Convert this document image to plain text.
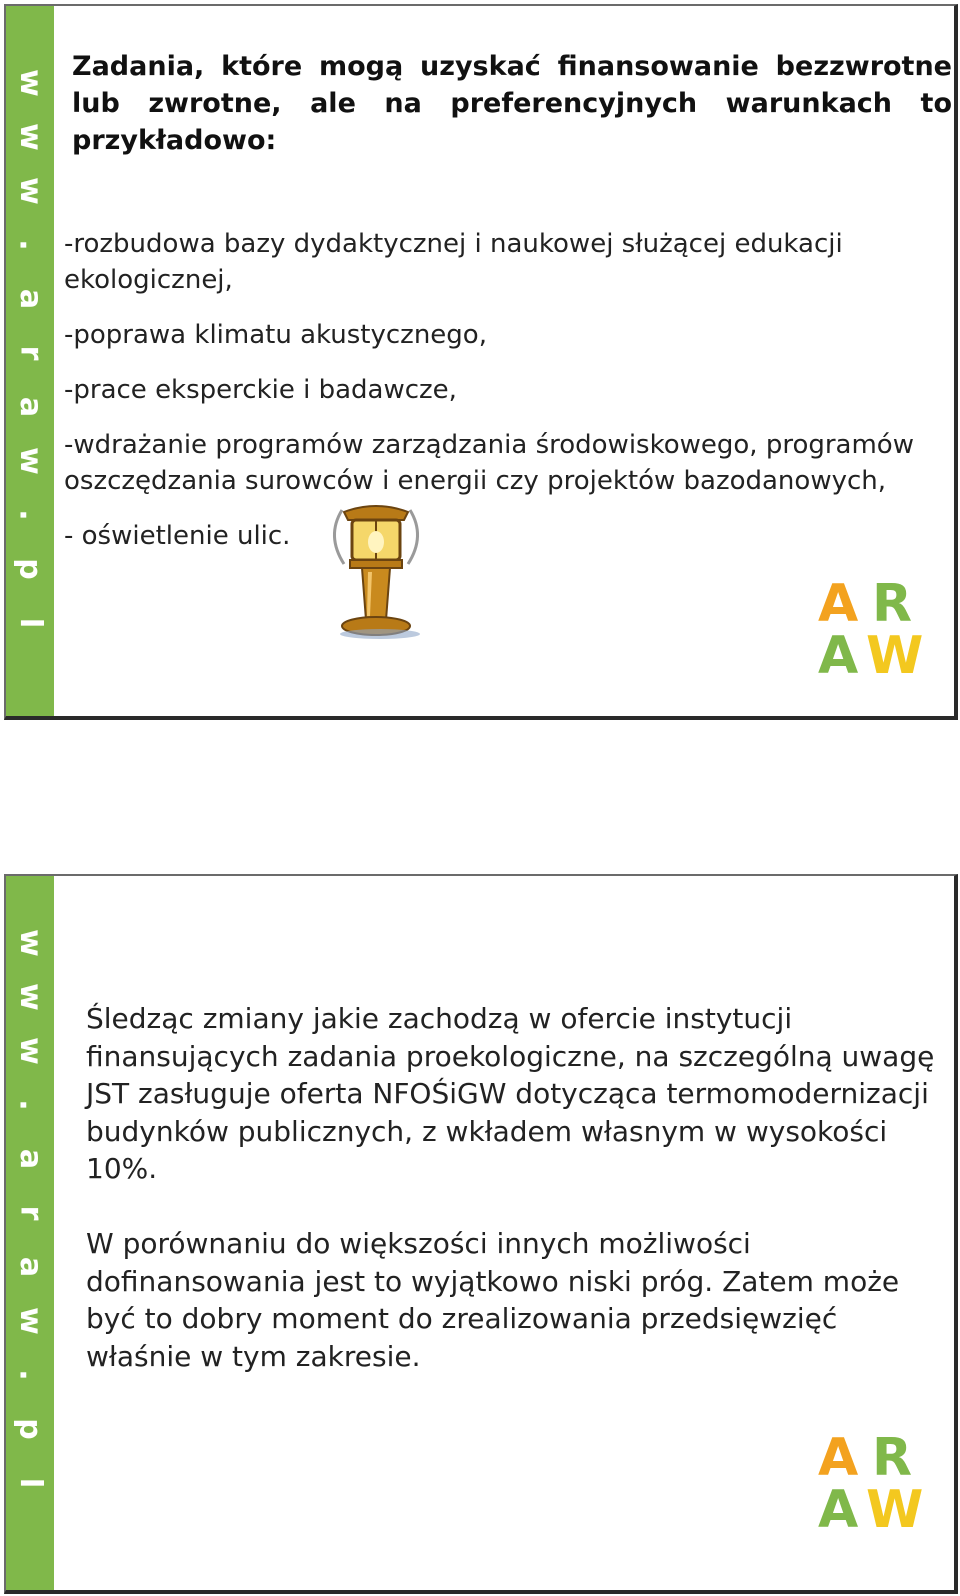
w
w
w
.
a
r
a
w
.
p
l
Zadania, które mogą uzyskać finansowanie bezzwrotne lub zwrotne, ale na preferencyjnych warunkach to przykładowo:
-rozbudowa bazy dydaktycznej i naukowej służącej edukacji ekologicznej,
-poprawa klimatu akustycznego,
-prace eksperckie i badawcze,
-wdrażanie programów zarządzania środowiskowego, programów oszczędzania surowców i energii czy projektów bazodanowych,
- oświetlenie ulic.
A R
A W
w
w
w
.
a
r
a
w
.
p
l

Śledząc zmiany jakie zachodzą w ofercie instytucji finansujących zadania proekologiczne, na szczególną uwagę JST zasługuje oferta NFOŚiGW dotycząca termomodernizacji budynków publicznych, z wkładem własnym w wysokości 10%.

W porównaniu do większości innych możliwości dofinansowania jest to wyjątkowo niski próg. Zatem może być to dobry moment do zrealizowania przedsięwzięć właśnie w tym zakresie.

A R
A W
